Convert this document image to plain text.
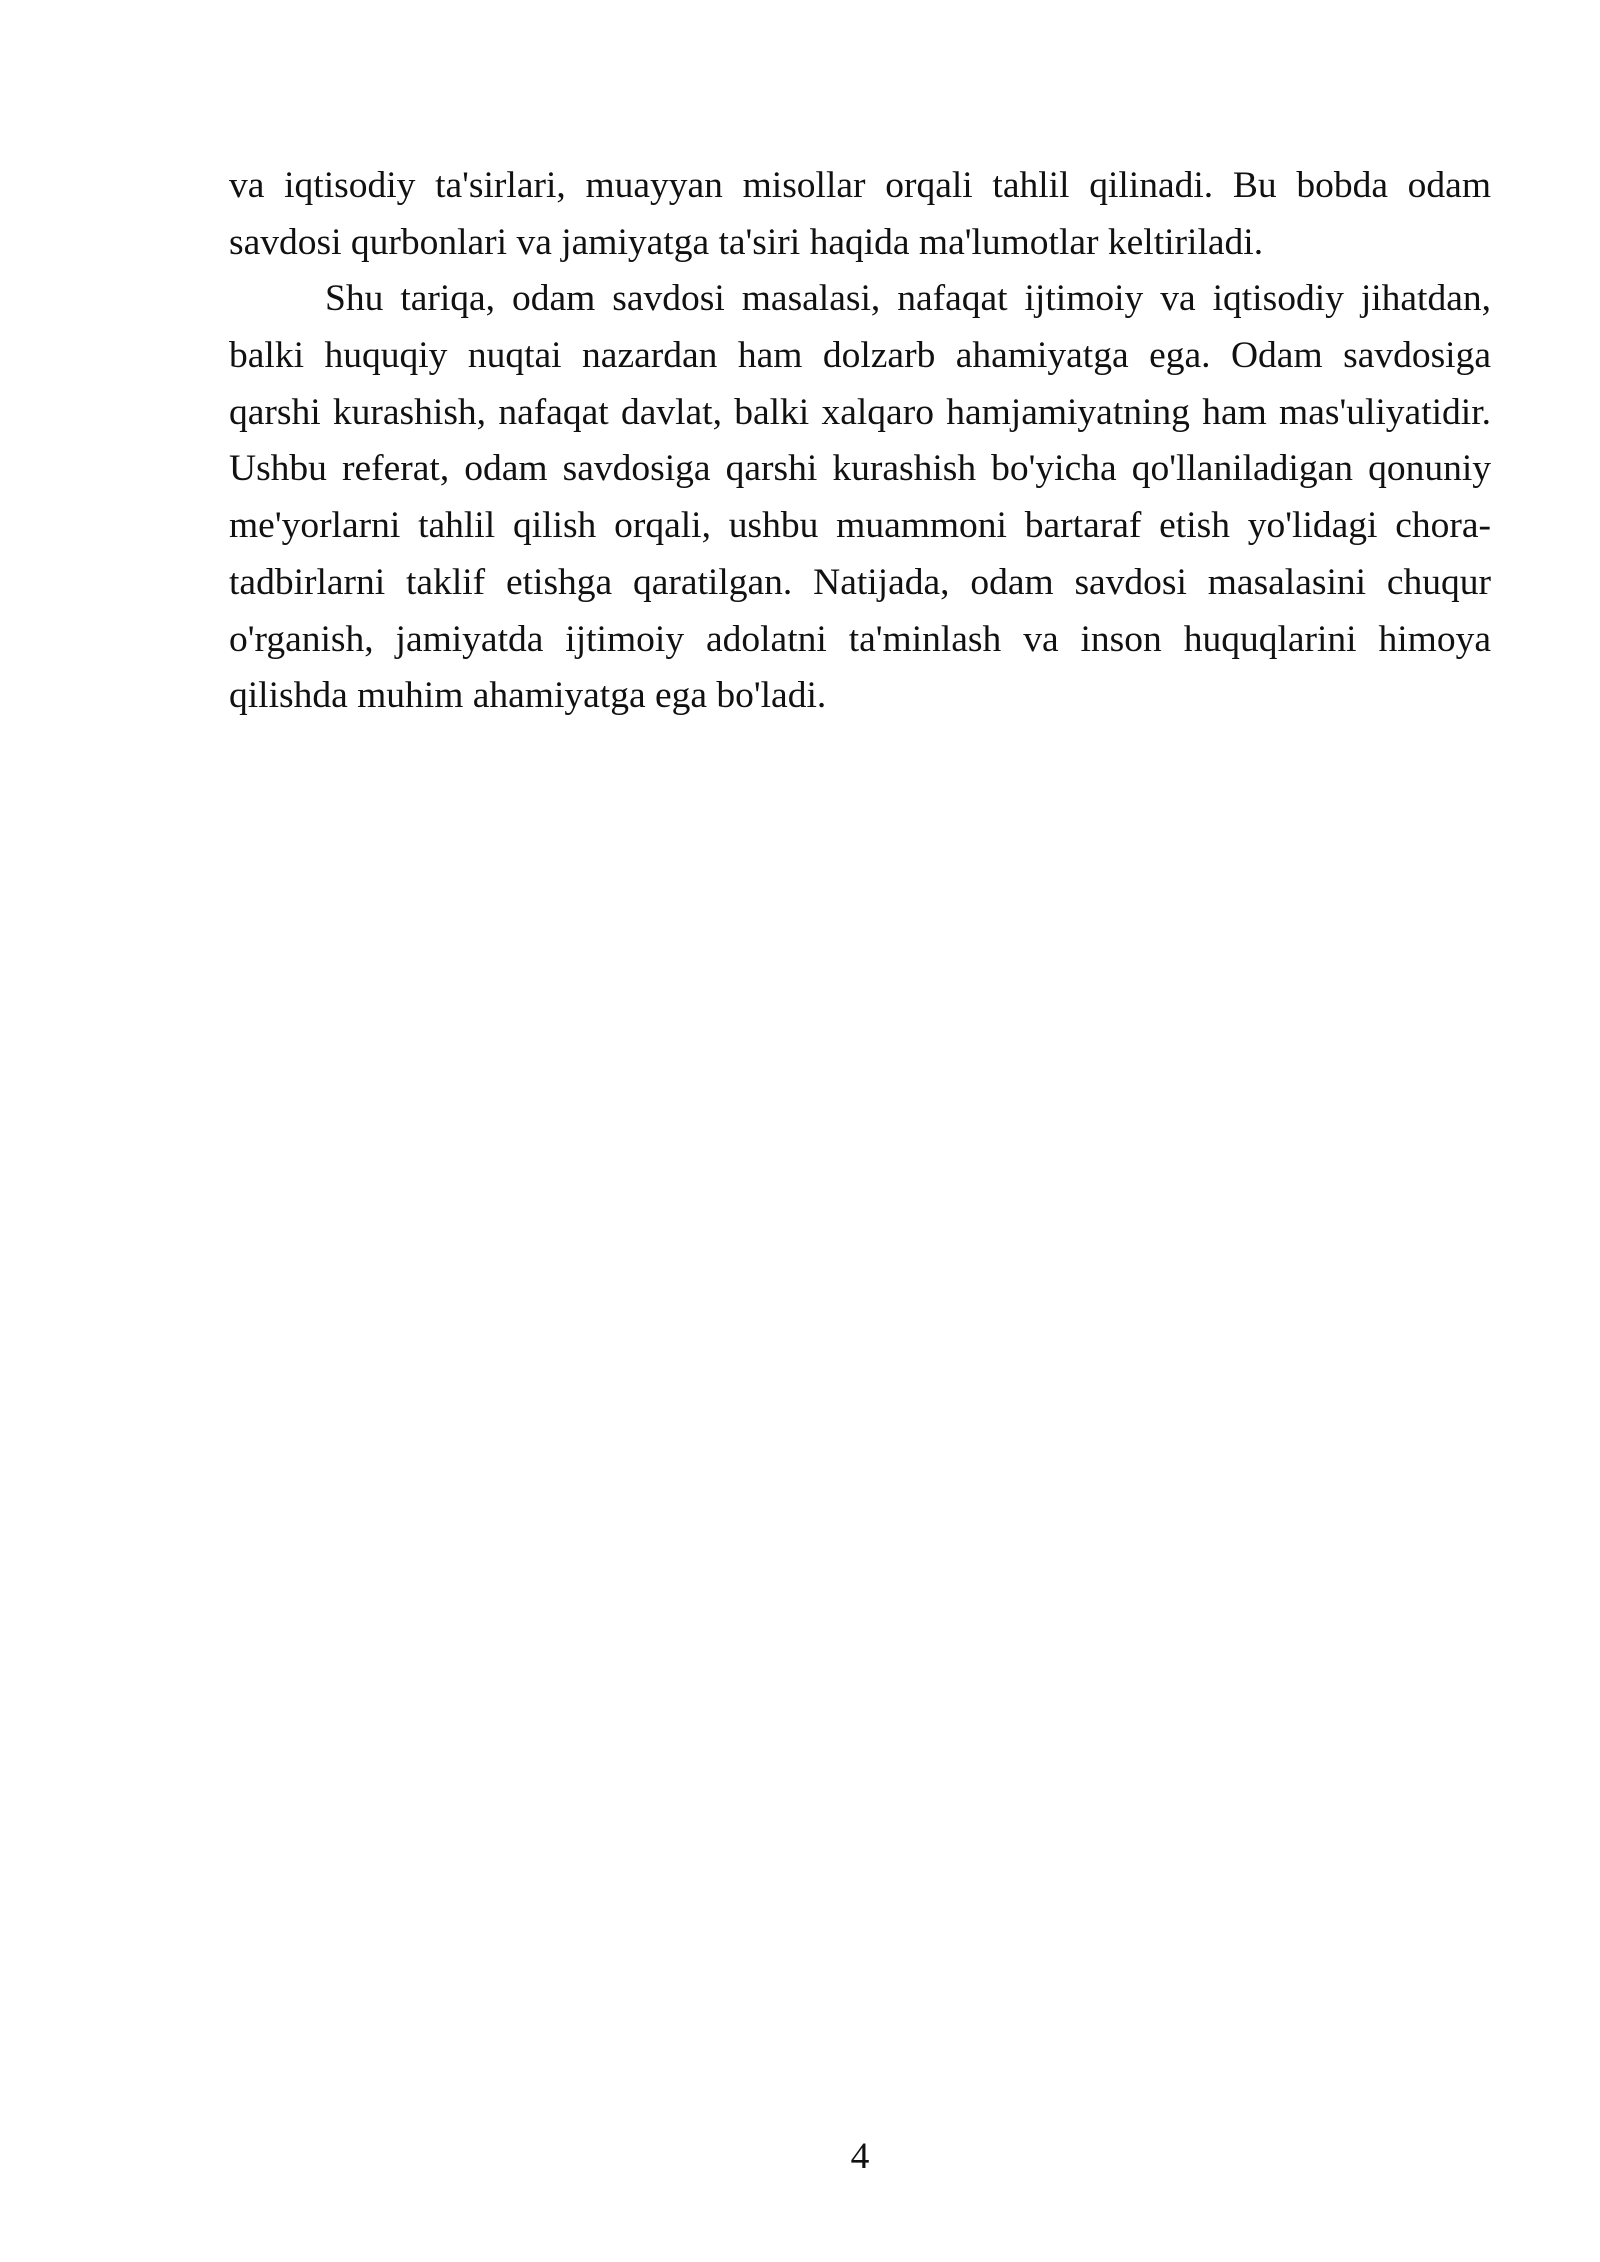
va iqtisodiy ta'sirlari, muayyan misollar orqali tahlil qilinadi. Bu bobda odam
savdosi qurbonlari va jamiyatga ta'siri haqida ma'lumotlar keltiriladi.
Shu tariqa, odam savdosi masalasi, nafaqat ijtimoiy va iqtisodiy jihatdan,
balki huquqiy nuqtai nazardan ham dolzarb ahamiyatga ega. Odam savdosiga
qarshi kurashish, nafaqat davlat, balki xalqaro hamjamiyatning ham mas'uliyatidir.
Ushbu referat, odam savdosiga qarshi kurashish bo'yicha qo'llaniladigan qonuniy
me'yorlarni tahlil qilish orqali, ushbu muammoni bartaraf etish yo'lidagi chora-
tadbirlarni taklif etishga qaratilgan. Natijada, odam savdosi masalasini chuqur
o'rganish, jamiyatda ijtimoiy adolatni ta'minlash va inson huquqlarini himoya
qilishda muhim ahamiyatga ega bo'ladi.
4
